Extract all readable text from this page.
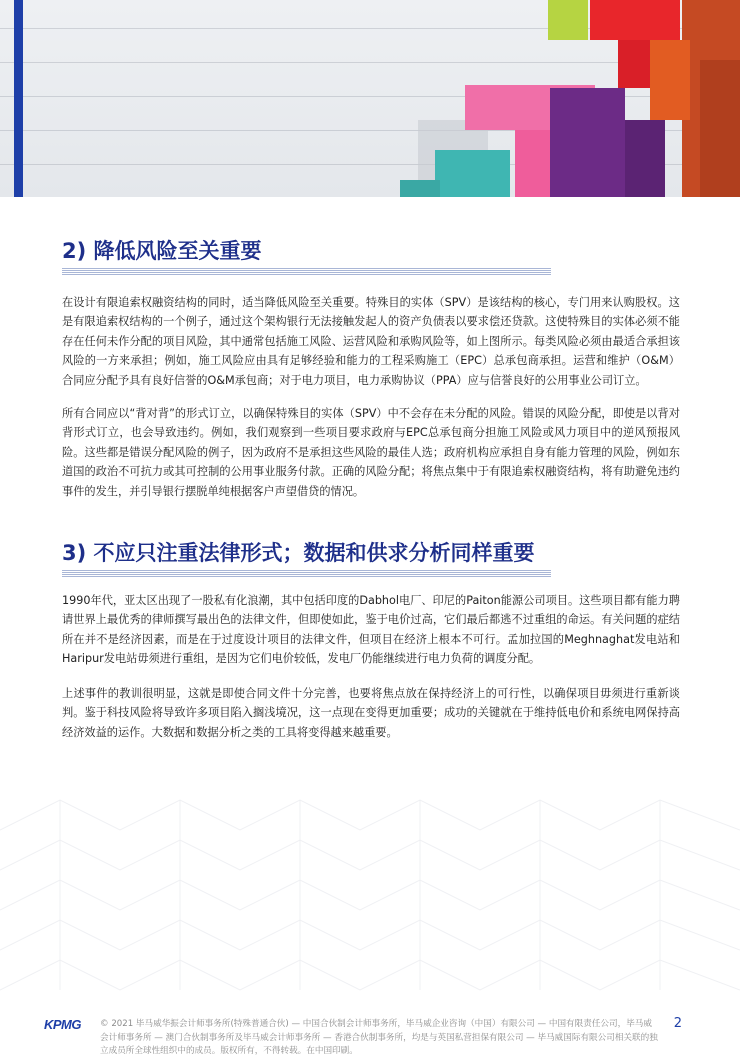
2) 降低风险至关重要

在设计有限追索权融资结构的同时，适当降低风险至关重要。特殊目的实体（SPV）是该结构的核心，专门用来认购股权。这是有限追索权结构的一个例子，通过这个架构银行无法接触发起人的资产负债表以要求偿还贷款。这使特殊目的实体必须不能存在任何未作分配的项目风险，其中通常包括施工风险、运营风险和承购风险等，如上图所示。每类风险必须由最适合承担该风险的一方来承担；例如，施工风险应由具有足够经验和能力的工程采购施工（EPC）总承包商承担。运营和维护（O&M）合同应分配予具有良好信誉的O&M承包商；对于电力项目，电力承购协议（PPA）应与信誉良好的公用事业公司订立。

所有合同应以“背对背”的形式订立，以确保特殊目的实体（SPV）中不会存在未分配的风险。错误的风险分配，即使是以背对背形式订立，也会导致违约。例如，我们观察到一些项目要求政府与EPC总承包商分担施工风险或风力项目中的逆风预报风险。这些都是错误分配风险的例子，因为政府不是承担这些风险的最佳人选；政府机构应承担自身有能力管理的风险，例如东道国的政治不可抗力或其可控制的公用事业服务付款。正确的风险分配；将焦点集中于有限追索权融资结构，将有助避免违约事件的发生，并引导银行摆脱单纯根据客户声望借贷的情况。

3) 不应只注重法律形式；数据和供求分析同样重要

1990年代，亚太区出现了一股私有化浪潮，其中包括印度的Dabhol电厂、印尼的Paiton能源公司项目。这些项目都有能力聘请世界上最优秀的律师撰写最出色的法律文件，但即使如此，鉴于电价过高，它们最后都逃不过重组的命运。有关问题的症结所在并不是经济因素，而是在于过度设计项目的法律文件，但项目在经济上根本不可行。孟加拉国的Meghnaghat发电站和Haripur发电站毋须进行重组，是因为它们电价较低，发电厂仍能继续进行电力负荷的调度分配。

上述事件的教训很明显，这就是即使合同文件十分完善，也要将焦点放在保持经济上的可行性，以确保项目毋须进行重新谈判。鉴于科技风险将导致许多项目陷入搁浅境况，这一点现在变得更加重要；成功的关键就在于维持低电价和系统电网保持高经济效益的运作。大数据和数据分析之类的工具将变得越来越重要。

KPMG	© 2021 毕马威华振会计师事务所(特殊普通合伙) — 中国合伙制会计师事务所，毕马威企业咨询（中国）有限公司 — 中国有限责任公司，毕马威会计师事务所 — 澳门合伙制事务所及毕马威会计师事务所 — 香港合伙制事务所，均是与英国私营担保有限公司 — 毕马威国际有限公司相关联的独立成员所全球性组织中的成员。版权所有，不得转载。在中国印刷。

2
